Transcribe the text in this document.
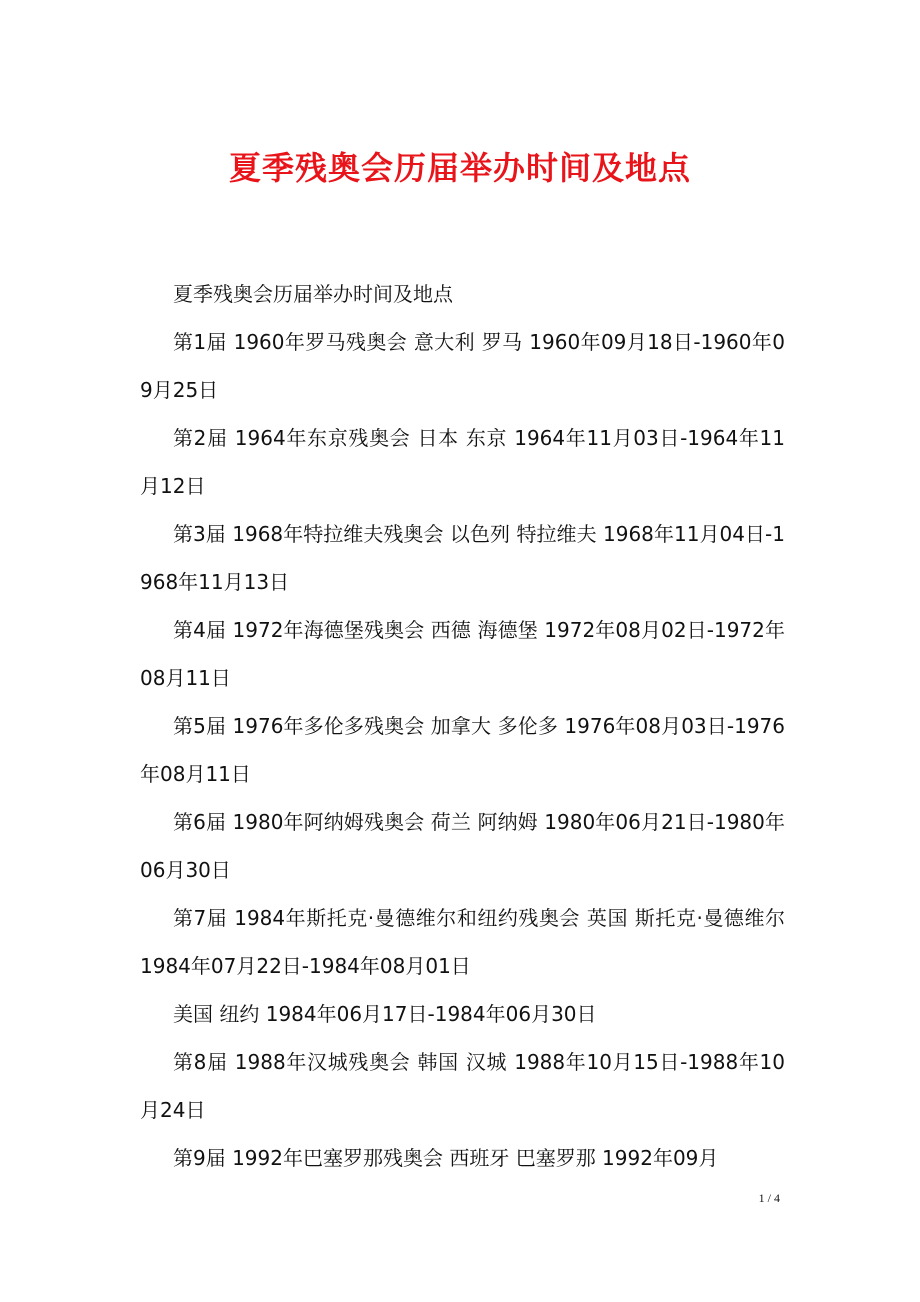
夏季残奥会历届举办时间及地点

夏季残奥会历届举办时间及地点

第1届 1960年罗马残奥会 意大利 罗马 1960年09月18日-1960年09月25日

第2届 1964年东京残奥会 日本 东京 1964年11月03日-1964年11月12日

第3届 1968年特拉维夫残奥会 以色列 特拉维夫 1968年11月04日-1968年11月13日

第4届 1972年海德堡残奥会 西德 海德堡 1972年08月02日-1972年08月11日

第5届 1976年多伦多残奥会 加拿大 多伦多 1976年08月03日-1976年08月11日

第6届 1980年阿纳姆残奥会 荷兰 阿纳姆 1980年06月21日-1980年06月30日

第7届 1984年斯托克·曼德维尔和纽约残奥会 英国 斯托克·曼德维尔 1984年07月22日-1984年08月01日

美国 纽约 1984年06月17日-1984年06月30日

第8届 1988年汉城残奥会 韩国 汉城 1988年10月15日-1988年10月24日

第9届 1992年巴塞罗那残奥会 西班牙 巴塞罗那 1992年09月

1 / 4
